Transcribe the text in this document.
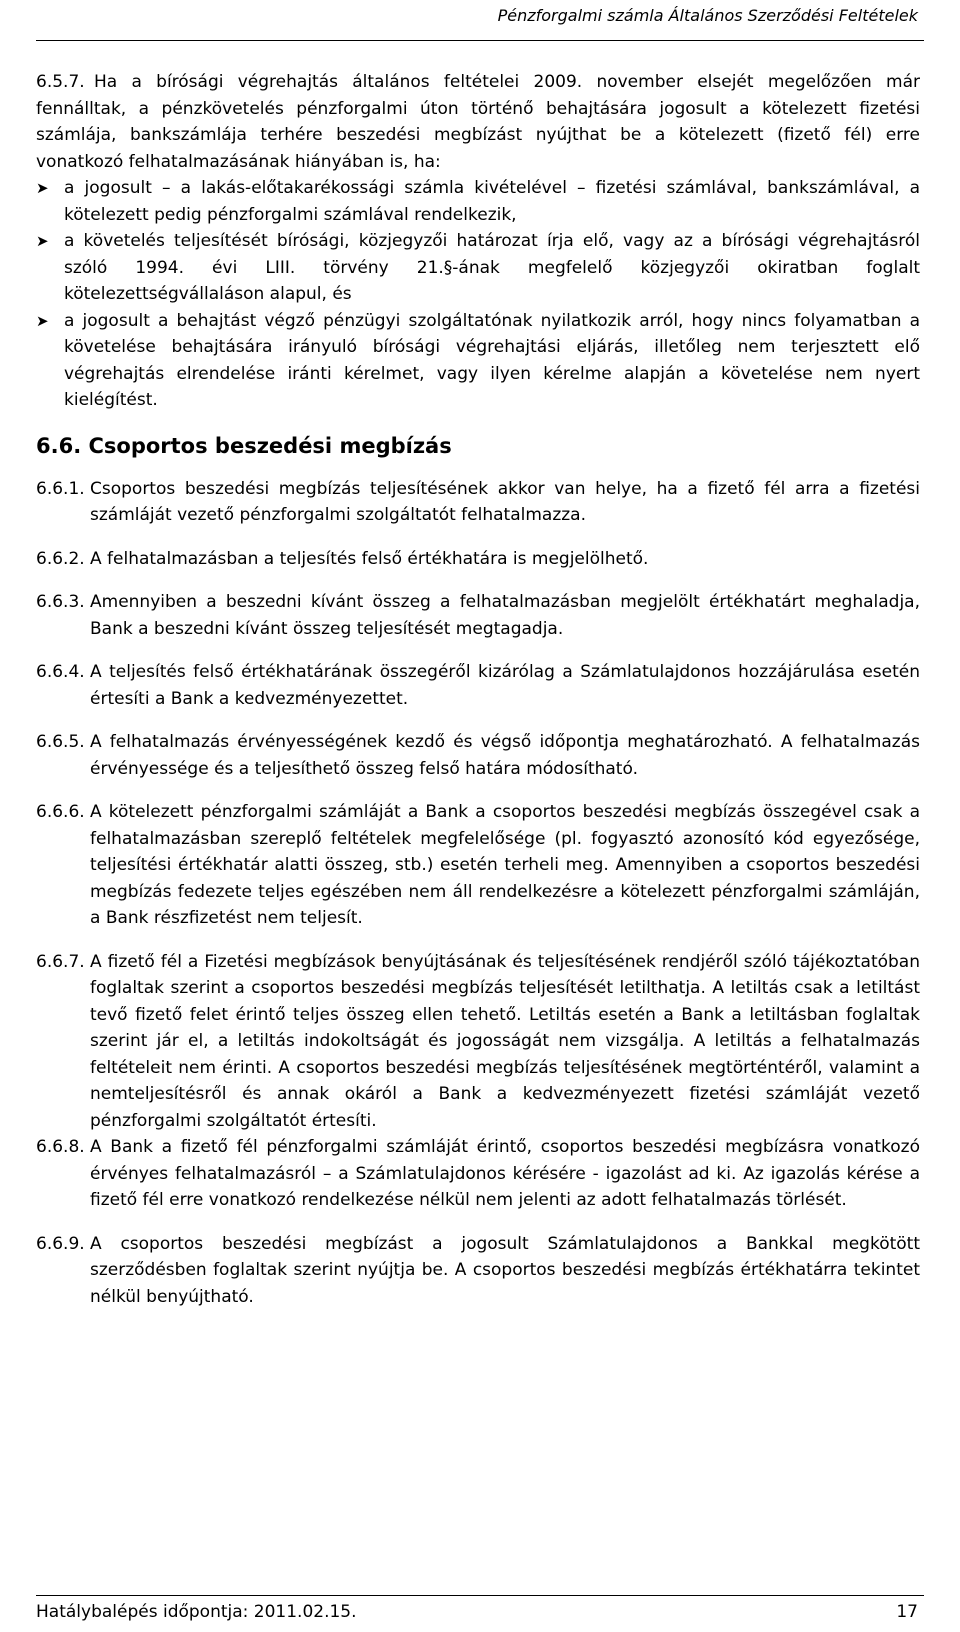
Pénzforgalmi számla Általános Szerződési Feltételek
6.5.7. Ha a bírósági végrehajtás általános feltételei 2009. november elsejét megelőzően már fennálltak, a pénzkövetelés pénzforgalmi úton történő behajtására jogosult a kötelezett fizetési számlája, bankszámlája terhére beszedési megbízást nyújthat be a kötelezett (fizető fél) erre vonatkozó felhatalmazásának hiányában is, ha:
➤ a jogosult – a lakás-előtakarékossági számla kivételével – fizetési számlával, bankszámlával, a kötelezett pedig pénzforgalmi számlával rendelkezik,
➤ a követelés teljesítését bírósági, közjegyzői határozat írja elő, vagy az a bírósági végrehajtásról szóló 1994. évi LIII. törvény 21.§-ának megfelelő közjegyzői okiratban foglalt kötelezettségvállaláson alapul, és
➤ a jogosult a behajtást végző pénzügyi szolgáltatónak nyilatkozik arról, hogy nincs folyamatban a követelése behajtására irányuló bírósági végrehajtási eljárás, illetőleg nem terjesztett elő végrehajtás elrendelése iránti kérelmet, vagy ilyen kérelme alapján a követelése nem nyert kielégítést.
6.6. Csoportos beszedési megbízás
6.6.1. Csoportos beszedési megbízás teljesítésének akkor van helye, ha a fizető fél arra a fizetési számláját vezető pénzforgalmi szolgáltatót felhatalmazza.
6.6.2. A felhatalmazásban a teljesítés felső értékhatára is megjelölhető.
6.6.3. Amennyiben a beszedni kívánt összeg a felhatalmazásban megjelölt értékhatárt meghaladja, Bank a beszedni kívánt összeg teljesítését megtagadja.
6.6.4. A teljesítés felső értékhatárának összegéről kizárólag a Számlatulajdonos hozzájárulása esetén értesíti a Bank a kedvezményezettet.
6.6.5. A felhatalmazás érvényességének kezdő és végső időpontja meghatározható. A felhatalmazás érvényessége és a teljesíthető összeg felső határa módosítható.
6.6.6. A kötelezett pénzforgalmi számláját a Bank a csoportos beszedési megbízás összegével csak a felhatalmazásban szereplő feltételek megfelelősége (pl. fogyasztó azonosító kód egyezősége, teljesítési értékhatár alatti összeg, stb.) esetén terheli meg. Amennyiben a csoportos beszedési megbízás fedezete teljes egészében nem áll rendelkezésre a kötelezett pénzforgalmi számláján, a Bank részfizetést nem teljesít.
6.6.7. A fizető fél a Fizetési megbízások benyújtásának és teljesítésének rendjéről szóló tájékoztatóban foglaltak szerint a csoportos beszedési megbízás teljesítését letilthatja. A letiltás csak a letiltást tevő fizető felet érintő teljes összeg ellen tehető. Letiltás esetén a Bank a letiltásban foglaltak szerint jár el, a letiltás indokoltságát és jogosságát nem vizsgálja. A letiltás a felhatalmazás feltételeit nem érinti. A csoportos beszedési megbízás teljesítésének megtörténtéről, valamint a nemteljesítésről és annak okáról a Bank a kedvezményezett fizetési számláját vezető pénzforgalmi szolgáltatót értesíti.
6.6.8. A Bank a fizető fél pénzforgalmi számláját érintő, csoportos beszedési megbízásra vonatkozó érvényes felhatalmazásról – a Számlatulajdonos kérésére - igazolást ad ki. Az igazolás kérése a fizető fél erre vonatkozó rendelkezése nélkül nem jelenti az adott felhatalmazás törlését.
6.6.9. A csoportos beszedési megbízást a jogosult Számlatulajdonos a Bankkal megkötött szerződésben foglaltak szerint nyújtja be. A csoportos beszedési megbízás értékhatárra tekintet nélkül benyújtható.
Hatálybalépés időpontja: 2011.02.15.	17
